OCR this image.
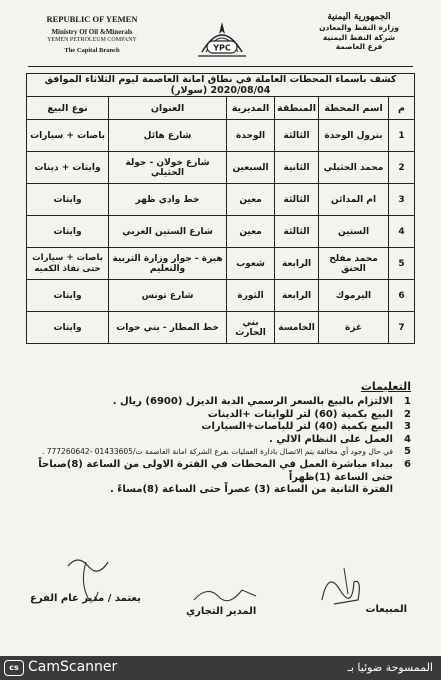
REPUBLIC OF YEMEN
Ministry Of Oil &Minerals
YEMEN PETROLEUM COMPANY
The Capital Branch	YPC
الجمهورية اليمنية
وزارة النفط والمعادن
شركة النفط اليمنية
فرع العاصمة
كشف باسماء المحطات العاملة في نطاق امانة العاصمة ليوم الثلاثاء الموافق 2020/08/04 (سولار)					
م	اسم المحطة	المنطقة	المديرية	العنوان	نوع البيع
1	بترول الوحدة	الثالثة	الوحدة	شارع هائل	باصات + سيارات
2	محمد الحثيلي	الثانية	السبعين	شارع خولان - جولة الحثيلي	وايتات + دينات
3	ام المدائن	الثالثة	معين	خط وادي ظهر	وايتات
4	الستين	الثالثة	معين	شارع الستين الغربي	وايتات
5	محمد مفلح الحنق	الرابعة	شعوب	هبرة - جوار وزارة التربية والتعليم	باصات + سيارات حتى نفاذ الكميه
6	اليرموك	الرابعة	الثورة	شارع تونس	وايتات
7	غزة	الخامسة	بني الحارث	خط المطار - بني حوات	وايتات
التعليمات
1
الالتزام بالبيع بالسعر الرسمي الدبة الديزل (6900) ريال .
2
البيع بكمية (60) لتر للوايتات +الدينات
3
البيع بكمية (40) لتر للباصات+السيارات
4
العمل على النظام الالي .
5
في حال وجود أي مخالفة يتم الاتصال بادارة العمليات بفرع الشركة امانة العاصمة ت/01433605 -777260642 .
6
بيداء مباشرة العمل في المحطات في الفترة الاولى من الساعة (8)صباحاً حتى الساعة (1)ظهراً
الفترة الثانية من الساعة (3) عصراً حتى الساعة (8)مساءً .
المبيعات
المدير التجاري
يعتمد / مدير عام الفرع
cs CamScanner	الممسوحة ضوئيا بـ
